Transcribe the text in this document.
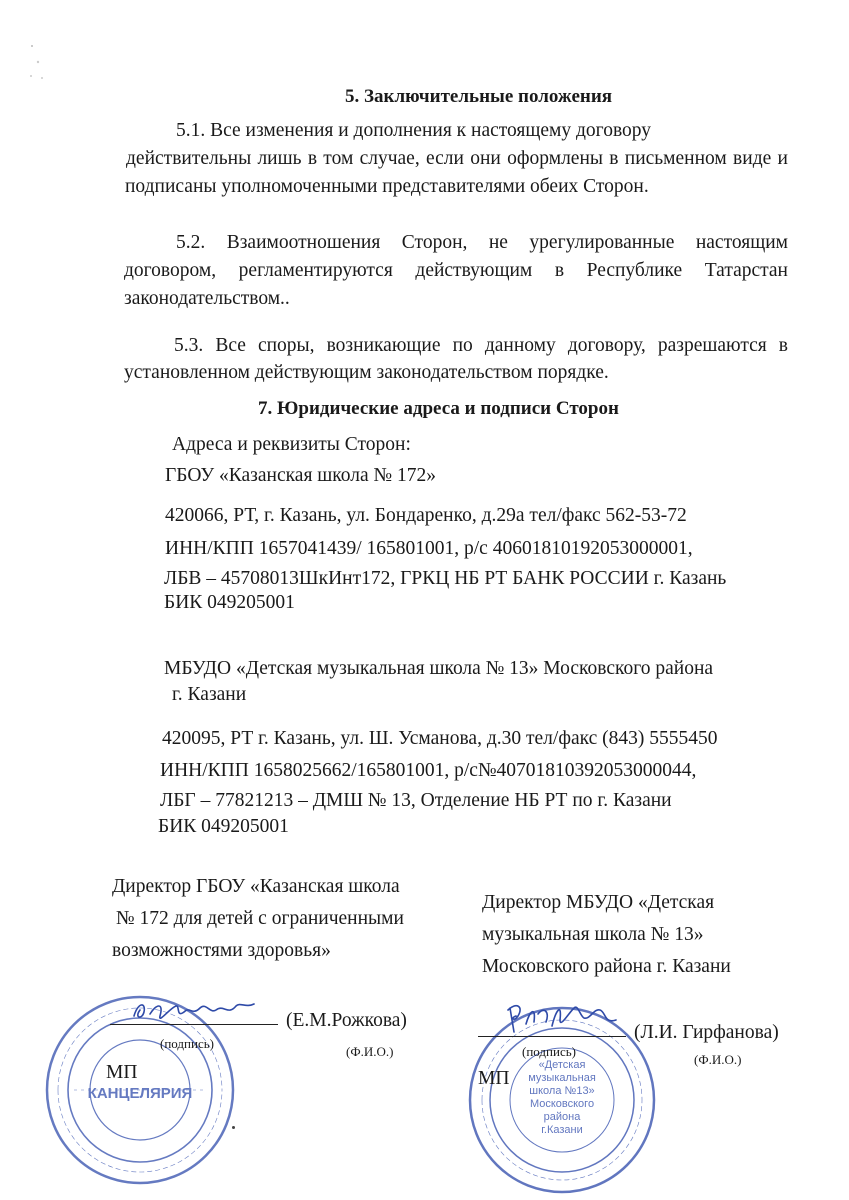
5. Заключительные положения
5.1. Все изменения и дополнения к настоящему договору
действительны лишь в том случае, если они оформлены в письменном виде и
подписаны уполномоченными представителями обеих Сторон.
5.2. Взаимоотношения Сторон, не урегулированные настоящим
договором, регламентируются действующим в Республике Татарстан
законодательством..
5.3. Все споры, возникающие по данному договору, разрешаются в
установленном действующим законодательством порядке.
7. Юридические адреса и подписи Сторон
Адреса и реквизиты Сторон:
ГБОУ «Казанская школа № 172»
420066, РТ, г. Казань, ул. Бондаренко, д.29а тел/факс 562-53-72
ИНН/КПП 1657041439/ 165801001, р/с 40601810192053000001,
ЛБВ – 45708013ШкИнт172, ГРКЦ НБ РТ БАНК РОССИИ г. Казань
БИК 049205001
МБУДО «Детская музыкальная школа № 13» Московского района
г. Казани
420095, РТ г. Казань, ул. Ш. Усманова, д.30 тел/факс (843) 5555450
ИНН/КПП 1658025662/165801001, р/с№40701810392053000044,
ЛБГ – 77821213 – ДМШ № 13, Отделение НБ РТ по г. Казани
БИК 049205001
Директор ГБОУ «Казанская школа
№ 172 для детей с ограниченными
возможностями здоровья»
Директор МБУДО «Детская
музыкальная школа № 13»
Московского района г. Казани
КАНЦЕЛЯРИЯ
«Детская
музыкальная
школа №13»
Московского
района
г.Казани
(Е.М.Рожкова)
(подпись)
(Ф.И.О.)
МП
(Л.И. Гирфанова)
(подпись)
(Ф.И.О.)
МП
